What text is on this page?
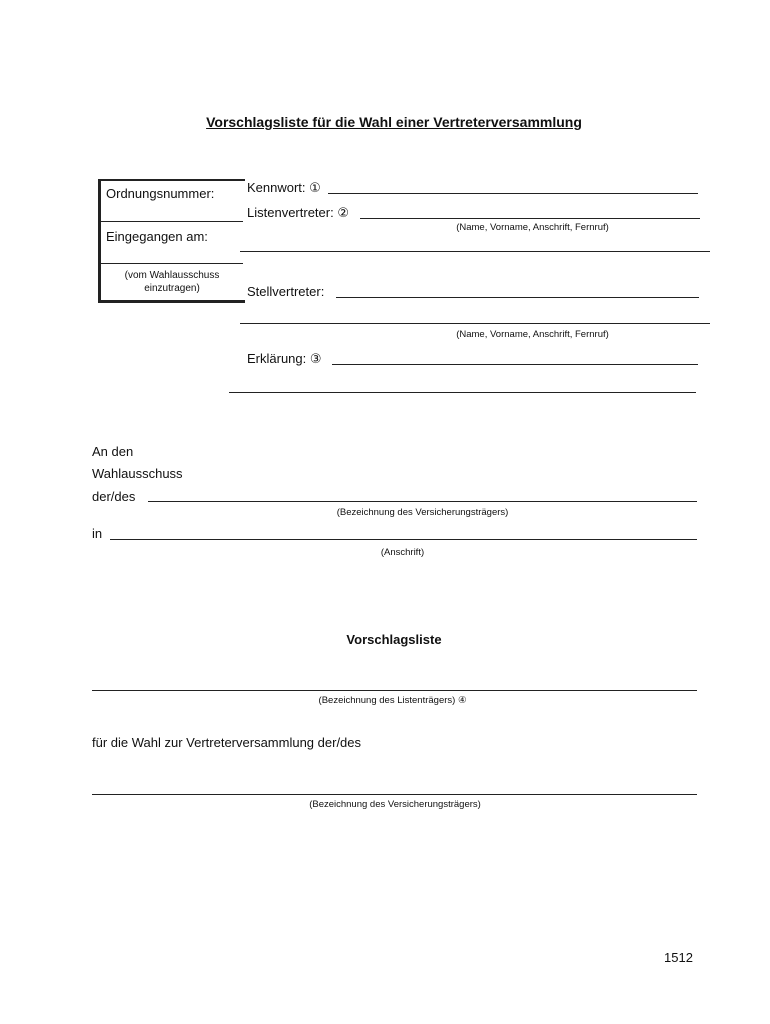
Vorschlagsliste für die Wahl einer Vertreterversammlung
Ordnungsnummer:
Eingegangen am:
(vom Wahlausschuss
einzutragen)
Kennwort: ①
Listenvertreter: ②
(Name, Vorname, Anschrift, Fernruf)
Stellvertreter:
(Name, Vorname, Anschrift, Fernruf)
Erklärung: ③
An den
Wahlausschuss
der/des
(Bezeichnung des Versicherungsträgers)
in
(Anschrift)
Vorschlagsliste
(Bezeichnung des Listenträgers) ④
für die Wahl zur Vertreterversammlung der/des
(Bezeichnung des Versicherungsträgers)
1512
